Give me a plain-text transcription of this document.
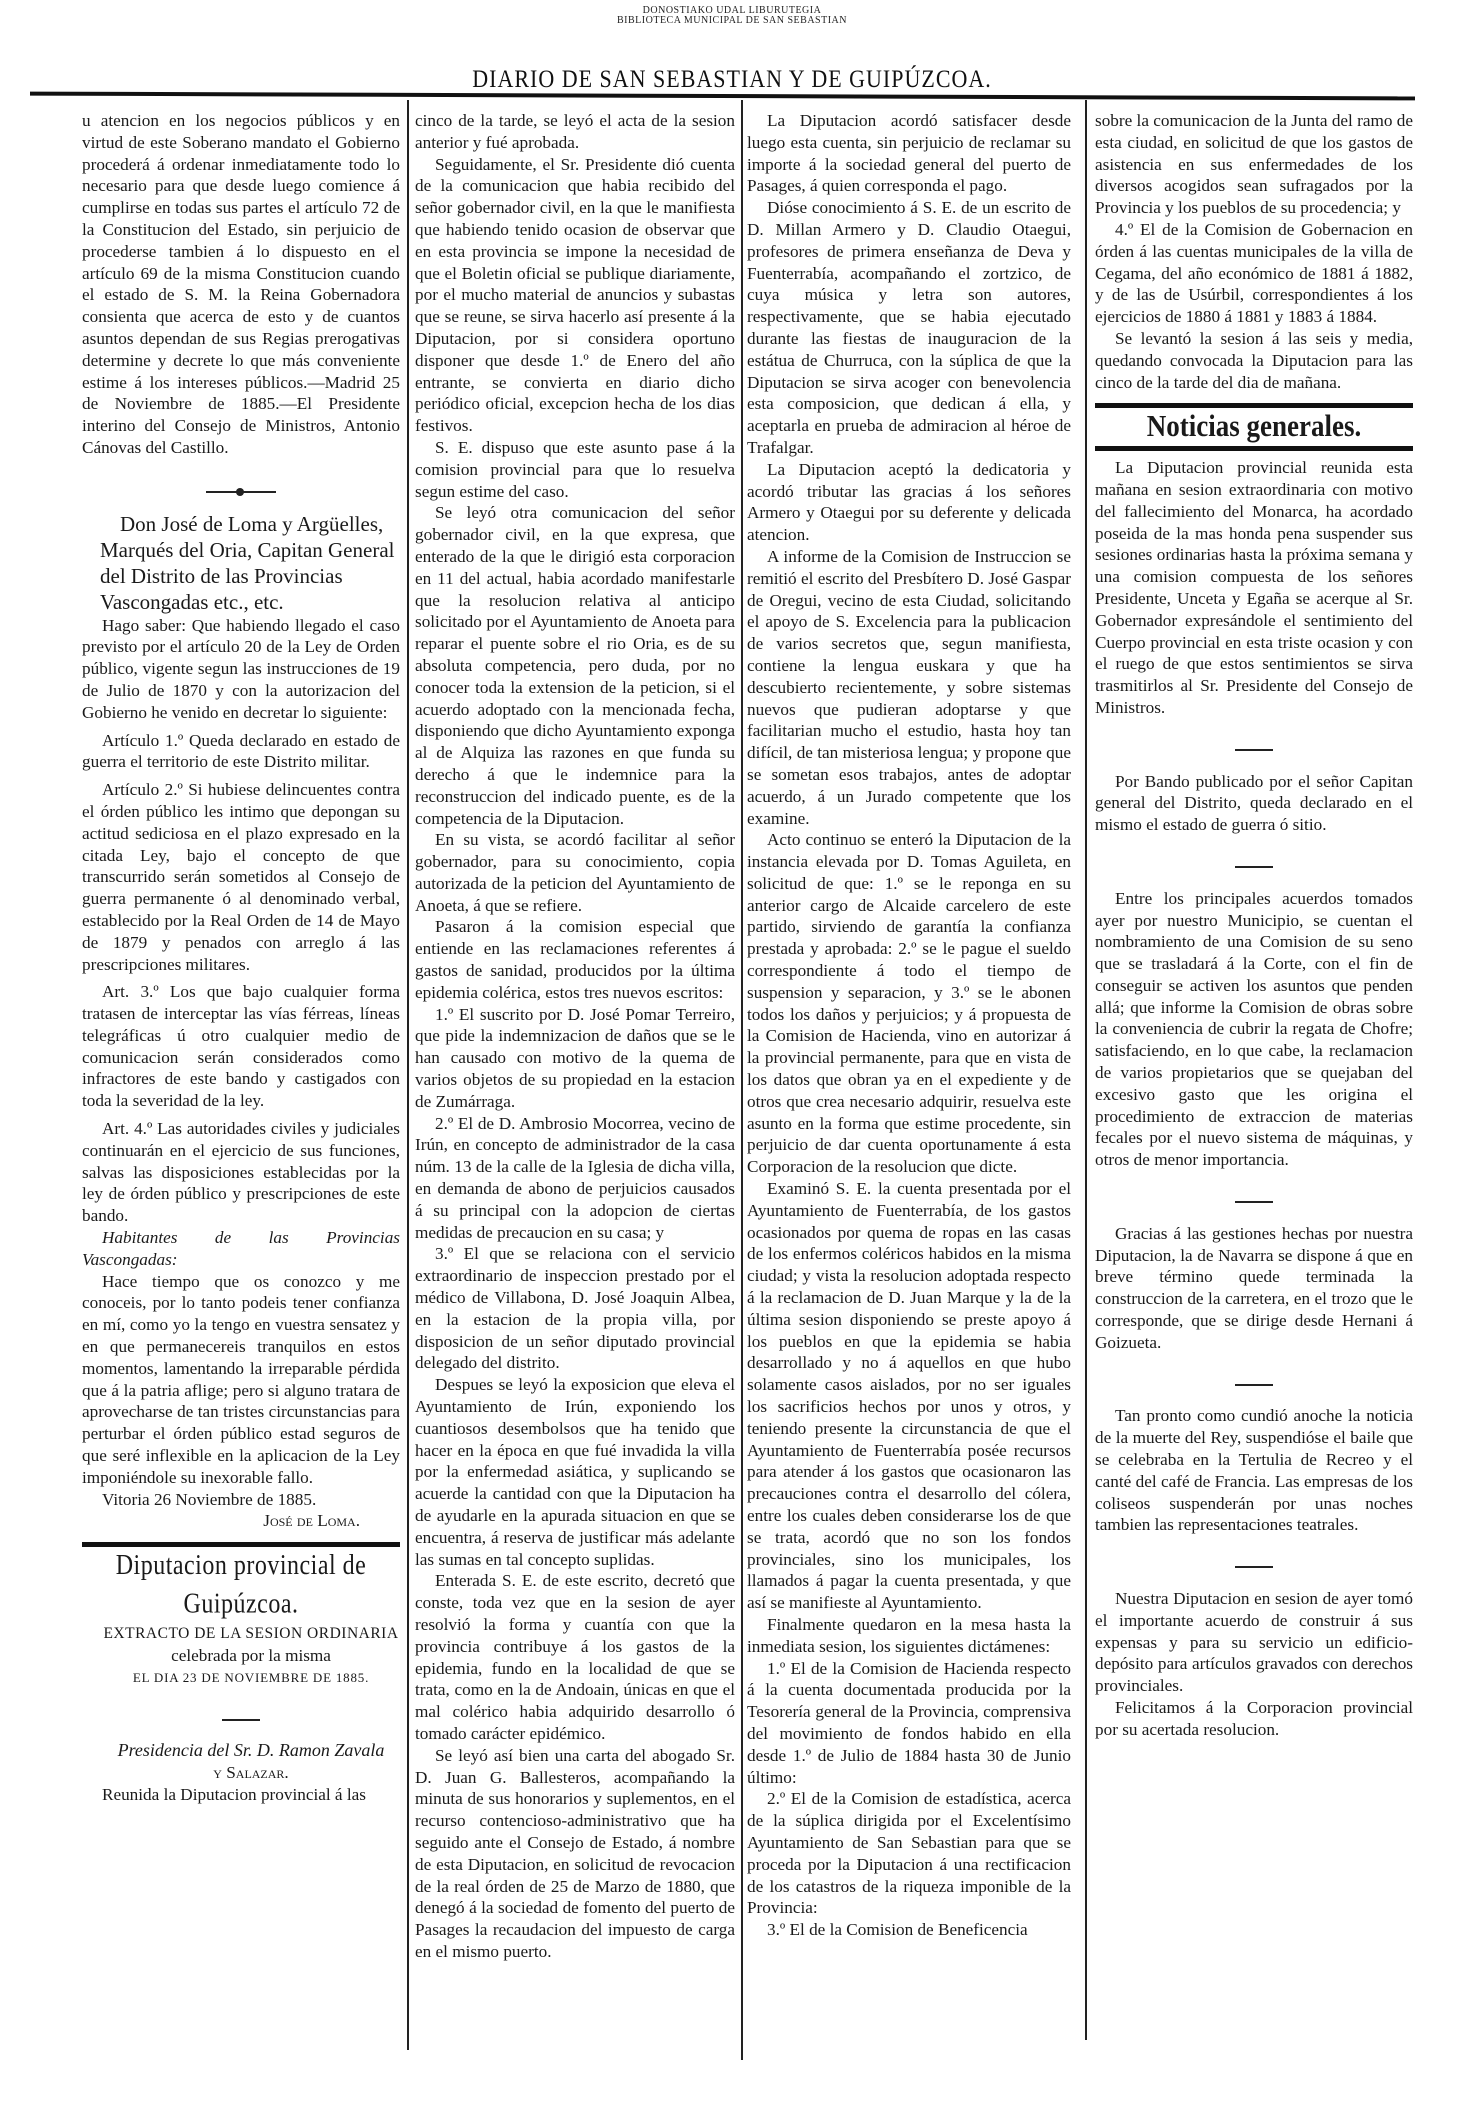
DONOSTIAKO UDAL LIBURUTEGIA
BIBLIOTECA MUNICIPAL DE SAN SEBASTIAN
DIARIO DE SAN SEBASTIAN Y DE GUIPÚZCOA.

u atencion en los negocios públicos y en virtud de este Soberano mandato el Gobierno procederá á ordenar inmediatamente todo lo necesario para que desde luego comience á cumplirse en todas sus partes el artículo 72 de la Constitucion del Estado, sin perjuicio de procederse tambien á lo dispuesto en el artículo 69 de la misma Constitucion cuando el estado de S. M. la Reina Gobernadora consienta que acerca de esto y de cuantos asuntos dependan de sus Regias prerogativas determine y decrete lo que más conveniente estime á los intereses públicos.—Madrid 25 de Noviembre de 1885.—El Presidente interino del Consejo de Ministros, Antonio Cánovas del Castillo.

Don José de Loma y Argüelles, Marqués del Oria, Capitan General del Distrito de las Provincias Vascongadas etc., etc.

Hago saber: Que habiendo llegado el caso previsto por el artículo 20 de la Ley de Orden público, vigente segun las instrucciones de 19 de Julio de 1870 y con la autorizacion del Gobierno he venido en decretar lo siguiente:

Artículo 1.º Queda declarado en estado de guerra el territorio de este Distrito militar.

Artículo 2.º Si hubiese delincuentes contra el órden público les intimo que depongan su actitud sediciosa en el plazo expresado en la citada Ley, bajo el concepto de que transcurrido serán sometidos al Consejo de guerra permanente ó al denominado verbal, establecido por la Real Orden de 14 de Mayo de 1879 y penados con arreglo á las prescripciones militares.

Art. 3.º Los que bajo cualquier forma tratasen de interceptar las vías férreas, líneas telegráficas ú otro cualquier medio de comunicacion serán considerados como infractores de este bando y castigados con toda la severidad de la ley.

Art. 4.º Las autoridades civiles y judiciales continuarán en el ejercicio de sus funciones, salvas las disposiciones establecidas por la ley de órden público y prescripciones de este bando.

Habitantes de las Provincias Vascongadas:

Hace tiempo que os conozco y me conoceis, por lo tanto podeis tener confianza en mí, como yo la tengo en vuestra sensatez y en que permanecereis tranquilos en estos momentos, lamentando la irreparable pérdida que á la patria aflige; pero si alguno tratara de aprovecharse de tan tristes circunstancias para perturbar el órden público estad seguros de que seré inflexible en la aplicacion de la Ley imponiéndole su inexorable fallo.

Vitoria 26 Noviembre de 1885.

José de Loma.

Diputacion provincial de Guipúzcoa.

EXTRACTO DE LA SESION ORDINARIA

celebrada por la misma

EL DIA 23 DE NOVIEMBRE DE 1885.

Presidencia del Sr. D. Ramon Zavala

y Salazar.

Reunida la Diputacion provincial á las

cinco de la tarde, se leyó el acta de la sesion anterior y fué aprobada.

Seguidamente, el Sr. Presidente dió cuenta de la comunicacion que habia recibido del señor gobernador civil, en la que le manifiesta que habiendo tenido ocasion de observar que en esta provincia se impone la necesidad de que el Boletin oficial se publique diariamente, por el mucho material de anuncios y subastas que se reune, se sirva hacerlo así presente á la Diputacion, por si considera oportuno disponer que desde 1.º de Enero del año entrante, se convierta en diario dicho periódico oficial, excepcion hecha de los dias festivos.

S. E. dispuso que este asunto pase á la comision provincial para que lo resuelva segun estime del caso.

Se leyó otra comunicacion del señor gobernador civil, en la que expresa, que enterado de la que le dirigió esta corporacion en 11 del actual, habia acordado manifestarle que la resolucion relativa al anticipo solicitado por el Ayuntamiento de Anoeta para reparar el puente sobre el rio Oria, es de su absoluta competencia, pero duda, por no conocer toda la extension de la peticion, si el acuerdo adoptado con la mencionada fecha, disponiendo que dicho Ayuntamiento exponga al de Alquiza las razones en que funda su derecho á que le indemnice para la reconstruccion del indicado puente, es de la competencia de la Diputacion.

En su vista, se acordó facilitar al señor gobernador, para su conocimiento, copia autorizada de la peticion del Ayuntamiento de Anoeta, á que se refiere.

Pasaron á la comision especial que entiende en las reclamaciones referentes á gastos de sanidad, producidos por la última epidemia colérica, estos tres nuevos escritos:

1.º El suscrito por D. José Pomar Terreiro, que pide la indemnizacion de daños que se le han causado con motivo de la quema de varios objetos de su propiedad en la estacion de Zumárraga.

2.º El de D. Ambrosio Mocorrea, vecino de Irún, en concepto de administrador de la casa núm. 13 de la calle de la Iglesia de dicha villa, en demanda de abono de perjuicios causados á su principal con la adopcion de ciertas medidas de precaucion en su casa; y

3.º El que se relaciona con el servicio extraordinario de inspeccion prestado por el médico de Villabona, D. José Joaquin Albea, en la estacion de la propia villa, por disposicion de un señor diputado provincial delegado del distrito.

Despues se leyó la exposicion que eleva el Ayuntamiento de Irún, exponiendo los cuantiosos desembolsos que ha tenido que hacer en la época en que fué invadida la villa por la enfermedad asiática, y suplicando se acuerde la cantidad con que la Diputacion ha de ayudarle en la apurada situacion en que se encuentra, á reserva de justificar más adelante las sumas en tal concepto suplidas.

Enterada S. E. de este escrito, decretó que conste, toda vez que en la sesion de ayer resolvió la forma y cuantía con que la provincia contribuye á los gastos de la epidemia, fundo en la localidad de que se trata, como en la de Andoain, únicas en que el mal colérico habia adquirido desarrollo ó tomado carácter epidémico.

Se leyó así bien una carta del abogado Sr. D. Juan G. Ballesteros, acompañando la minuta de sus honorarios y suplementos, en el recurso contencioso-administrativo que ha seguido ante el Consejo de Estado, á nombre de esta Diputacion, en solicitud de revocacion de la real órden de 25 de Marzo de 1880, que denegó á la sociedad de fomento del puerto de Pasages la recaudacion del impuesto de carga en el mismo puerto.

La Diputacion acordó satisfacer desde luego esta cuenta, sin perjuicio de reclamar su importe á la sociedad general del puerto de Pasages, á quien corresponda el pago.

Dióse conocimiento á S. E. de un escrito de D. Millan Armero y D. Claudio Otaegui, profesores de primera enseñanza de Deva y Fuenterrabía, acompañando el zortzico, de cuya música y letra son autores, respectivamente, que se habia ejecutado durante las fiestas de inauguracion de la estátua de Churruca, con la súplica de que la Diputacion se sirva acoger con benevolencia esta composicion, que dedican á ella, y aceptarla en prueba de admiracion al héroe de Trafalgar.

La Diputacion aceptó la dedicatoria y acordó tributar las gracias á los señores Armero y Otaegui por su deferente y delicada atencion.

A informe de la Comision de Instruccion se remitió el escrito del Presbítero D. José Gaspar de Oregui, vecino de esta Ciudad, solicitando el apoyo de S. Excelencia para la publicacion de varios secretos que, segun manifiesta, contiene la lengua euskara y que ha descubierto recientemente, y sobre sistemas nuevos que pudieran adoptarse y que facilitarian mucho el estudio, hasta hoy tan difícil, de tan misteriosa lengua; y propone que se sometan esos trabajos, antes de adoptar acuerdo, á un Jurado competente que los examine.

Acto continuo se enteró la Diputacion de la instancia elevada por D. Tomas Aguileta, en solicitud de que: 1.º se le reponga en su anterior cargo de Alcaide carcelero de este partido, sirviendo de garantía la confianza prestada y aprobada: 2.º se le pague el sueldo correspondiente á todo el tiempo de suspension y separacion, y 3.º se le abonen todos los daños y perjuicios; y á propuesta de la Comision de Hacienda, vino en autorizar á la provincial permanente, para que en vista de los datos que obran ya en el expediente y de otros que crea necesario adquirir, resuelva este asunto en la forma que estime procedente, sin perjuicio de dar cuenta oportunamente á esta Corporacion de la resolucion que dicte.

Examinó S. E. la cuenta presentada por el Ayuntamiento de Fuenterrabía, de los gastos ocasionados por quema de ropas en las casas de los enfermos coléricos habidos en la misma ciudad; y vista la resolucion adoptada respecto á la reclamacion de D. Juan Marque y la de la última sesion disponiendo se preste apoyo á los pueblos en que la epidemia se habia desarrollado y no á aquellos en que hubo solamente casos aislados, por no ser iguales los sacrificios hechos por unos y otros, y teniendo presente la circunstancia de que el Ayuntamiento de Fuenterrabía posée recursos para atender á los gastos que ocasionaron las precauciones contra el desarrollo del cólera, entre los cuales deben considerarse los de que se trata, acordó que no son los fondos provinciales, sino los municipales, los llamados á pagar la cuenta presentada, y que así se manifieste al Ayuntamiento.

Finalmente quedaron en la mesa hasta la inmediata sesion, los siguientes dictámenes:

1.º El de la Comision de Hacienda respecto á la cuenta documentada producida por la Tesorería general de la Provincia, comprensiva del movimiento de fondos habido en ella desde 1.º de Julio de 1884 hasta 30 de Junio último:

2.º El de la Comision de estadística, acerca de la súplica dirigida por el Excelentísimo Ayuntamiento de San Sebastian para que se proceda por la Diputacion á una rectificacion de los catastros de la riqueza imponible de la Provincia:

3.º El de la Comision de Beneficencia

sobre la comunicacion de la Junta del ramo de esta ciudad, en solicitud de que los gastos de asistencia en sus enfermedades de los diversos acogidos sean sufragados por la Provincia y los pueblos de su procedencia; y

4.º El de la Comision de Gobernacion en órden á las cuentas municipales de la villa de Cegama, del año económico de 1881 á 1882, y de las de Usúrbil, correspondientes á los ejercicios de 1880 á 1881 y 1883 á 1884.

Se levantó la sesion á las seis y media, quedando convocada la Diputacion para las cinco de la tarde del dia de mañana.

Noticias generales.

La Diputacion provincial reunida esta mañana en sesion extraordinaria con motivo del fallecimiento del Monarca, ha acordado poseida de la mas honda pena suspender sus sesiones ordinarias hasta la próxima semana y una comision compuesta de los señores Presidente, Unceta y Egaña se acerque al Sr. Gobernador expresándole el sentimiento del Cuerpo provincial en esta triste ocasion y con el ruego de que estos sentimientos se sirva trasmitirlos al Sr. Presidente del Consejo de Ministros.

Por Bando publicado por el señor Capitan general del Distrito, queda declarado en el mismo el estado de guerra ó sitio.

Entre los principales acuerdos tomados ayer por nuestro Municipio, se cuentan el nombramiento de una Comision de su seno que se trasladará á la Corte, con el fin de conseguir se activen los asuntos que penden allá; que informe la Comision de obras sobre la conveniencia de cubrir la regata de Chofre; satisfaciendo, en lo que cabe, la reclamacion de varios propietarios que se quejaban del excesivo gasto que les origina el procedimiento de extraccion de materias fecales por el nuevo sistema de máquinas, y otros de menor importancia.

Gracias á las gestiones hechas por nuestra Diputacion, la de Navarra se dispone á que en breve término quede terminada la construccion de la carretera, en el trozo que le corresponde, que se dirige desde Hernani á Goizueta.

Tan pronto como cundió anoche la noticia de la muerte del Rey, suspendióse el baile que se celebraba en la Tertulia de Recreo y el canté del café de Francia. Las empresas de los coliseos suspenderán por unas noches tambien las representaciones teatrales.

Nuestra Diputacion en sesion de ayer tomó el importante acuerdo de construir á sus expensas y para su servicio un edificio-depósito para artículos gravados con derechos provinciales.

Felicitamos á la Corporacion provincial por su acertada resolucion.
